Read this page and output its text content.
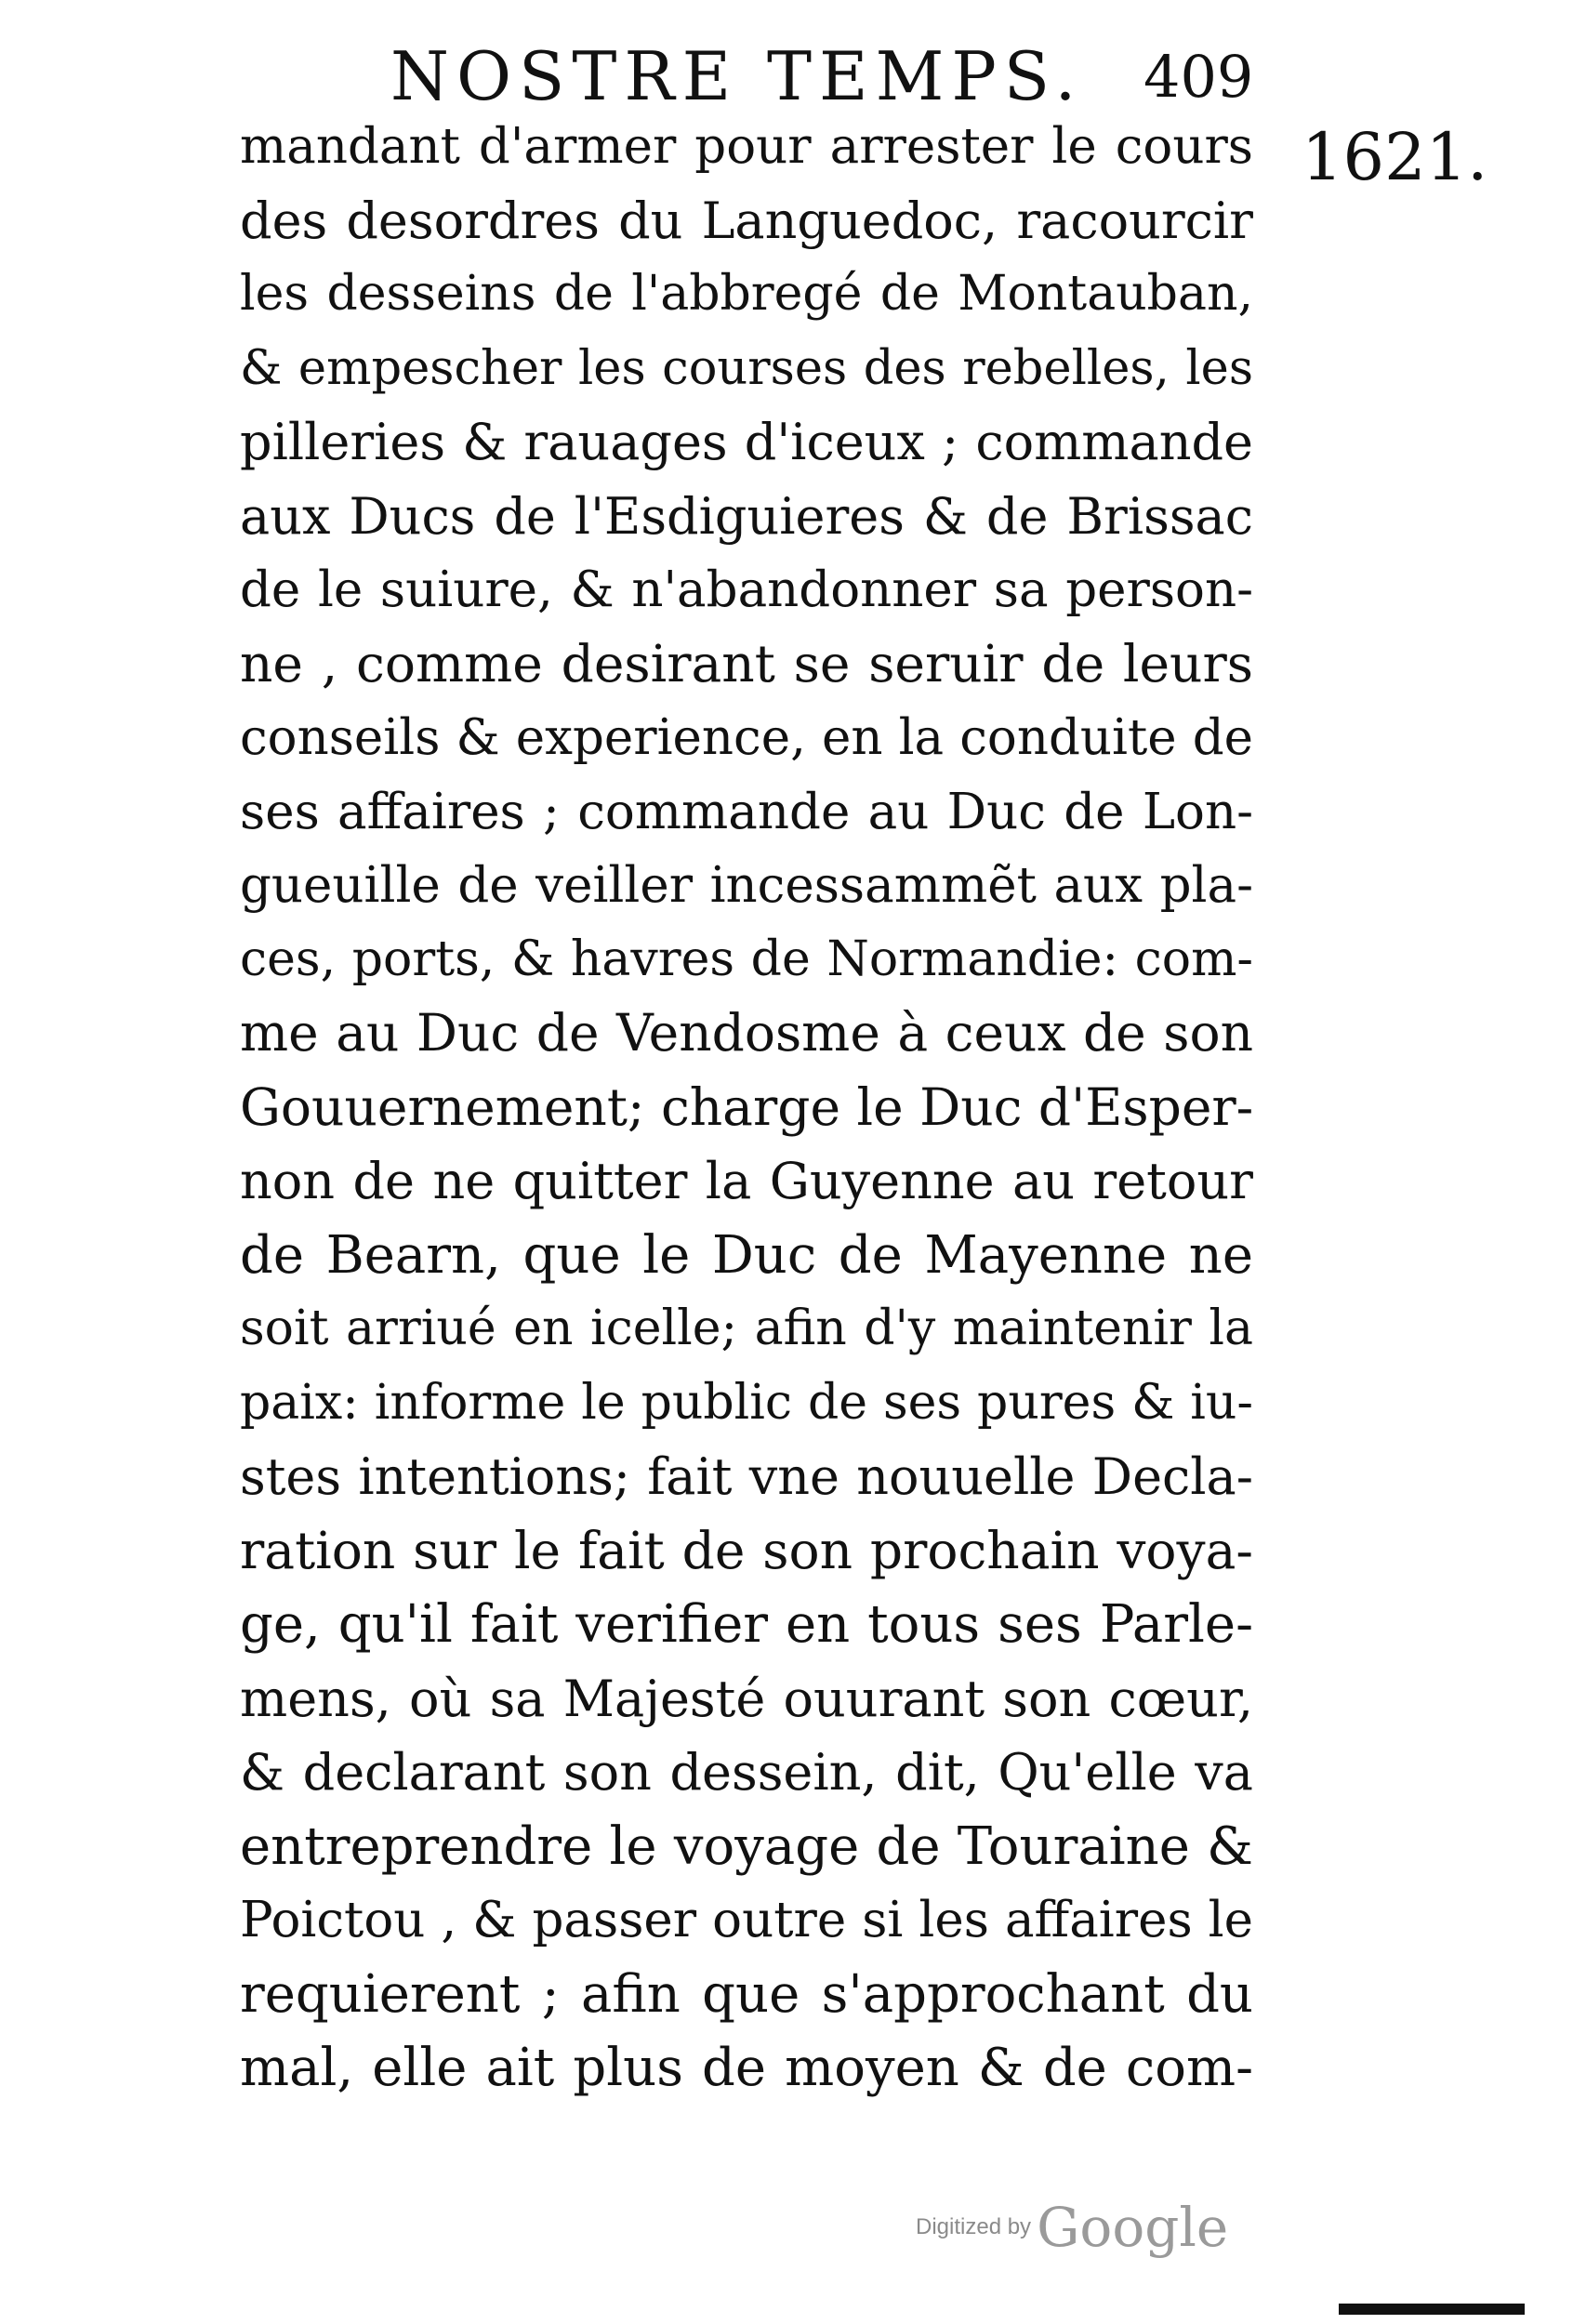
NOSTRE TEMPS. 409
1621.
mandant d'armer pour arrester le cours
des desordres du Languedoc, racourcir
les desseins de l'abbregé de Montauban,
& empescher les courses des rebelles, les
pilleries & rauages d'iceux ; commande
aux Ducs de l'Esdiguieres & de Brissac
de le suiure, & n'abandonner sa person-
ne , comme desirant se seruir de leurs
conseils & experience, en la conduite de
ses affaires ; commande au Duc de Lon-
gueuille de veiller incessammẽt aux pla-
ces, ports, & havres de Normandie: com-
me au Duc de Vendosme à ceux de son
Gouuernement; charge le Duc d'Esper-
non de ne quitter la Guyenne au retour
de Bearn, que le Duc de Mayenne ne
soit arriué en icelle; afin d'y maintenir la
paix: informe le public de ses pures & iu-
stes intentions; fait vne nouuelle Decla-
ration sur le fait de son prochain voya-
ge, qu'il fait verifier en tous ses Parle-
mens, où sa Majesté ouurant son cœur,
& declarant son dessein, dit, Qu'elle va
entreprendre le voyage de Touraine &
Poictou , & passer outre si les affaires le
requierent ; afin que s'approchant du
mal, elle ait plus de moyen & de com-
Digitized by Google
